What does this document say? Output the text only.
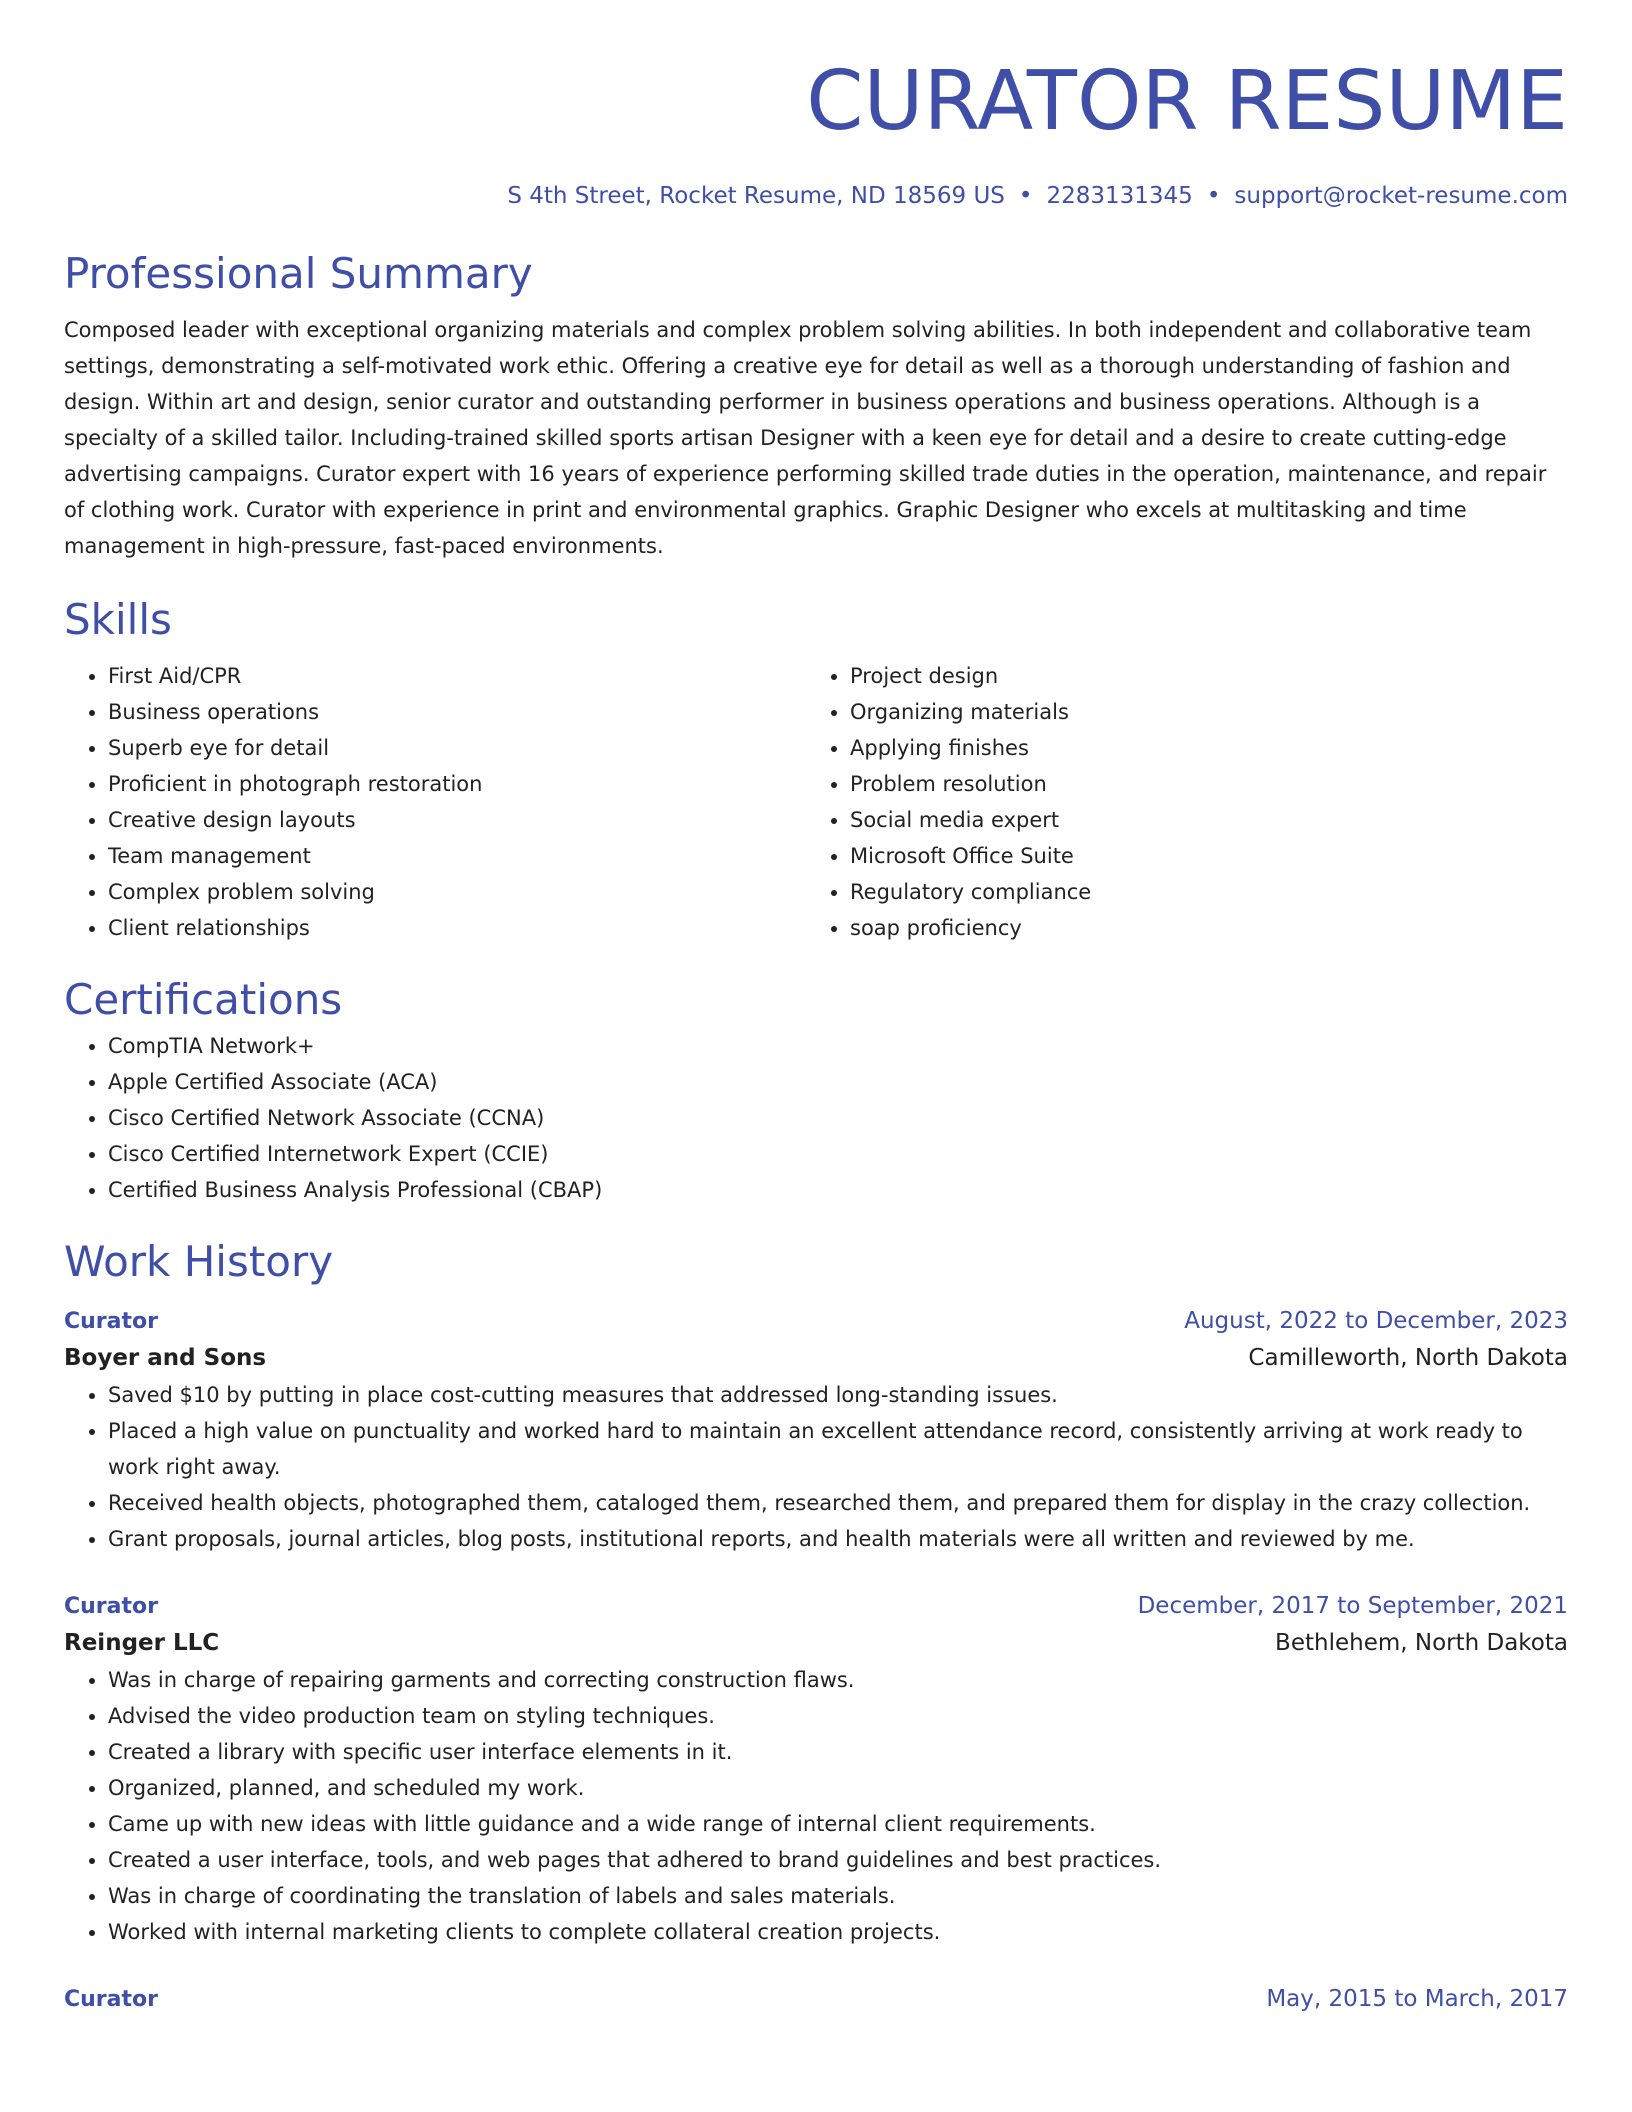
CURATOR RESUME
S 4th Street, Rocket Resume, ND 18569 US • 2283131345 • support@rocket-resume.com
Professional Summary

Composed leader with exceptional organizing materials and complex problem solving abilities. In both independent and collaborative team settings, demonstrating a self-motivated work ethic. Offering a creative eye for detail as well as a thorough understanding of fashion and design. Within art and design, senior curator and outstanding performer in business operations and business operations. Although is a specialty of a skilled tailor. Including-trained skilled sports artisan Designer with a keen eye for detail and a desire to create cutting-edge advertising campaigns. Curator expert with 16 years of experience performing skilled trade duties in the operation, maintenance, and repair of clothing work. Curator with experience in print and environmental graphics. Graphic Designer who excels at multitasking and time management in high-pressure, fast-paced environments.

Skills
• First Aid/CPR
• Business operations
• Superb eye for detail
• Proficient in photograph restoration
• Creative design layouts
• Team management
• Complex problem solving
• Client relationships
• Project design
• Organizing materials
• Applying finishes
• Problem resolution
• Social media expert
• Microsoft Office Suite
• Regulatory compliance
• soap proficiency
Certifications
• CompTIA Network+
• Apple Certified Associate (ACA)
• Cisco Certified Network Associate (CCNA)
• Cisco Certified Internetwork Expert (CCIE)
• Certified Business Analysis Professional (CBAP)
Work History
Curator	August, 2022 to December, 2023
Boyer and Sons	Camilleworth, North Dakota
• Saved $10 by putting in place cost-cutting measures that addressed long-standing issues.
• Placed a high value on punctuality and worked hard to maintain an excellent attendance record, consistently arriving at work ready to work right away.
• Received health objects, photographed them, cataloged them, researched them, and prepared them for display in the crazy collection.
• Grant proposals, journal articles, blog posts, institutional reports, and health materials were all written and reviewed by me.
Curator	December, 2017 to September, 2021
Reinger LLC	Bethlehem, North Dakota
• Was in charge of repairing garments and correcting construction flaws.
• Advised the video production team on styling techniques.
• Created a library with specific user interface elements in it.
• Organized, planned, and scheduled my work.
• Came up with new ideas with little guidance and a wide range of internal client requirements.
• Created a user interface, tools, and web pages that adhered to brand guidelines and best practices.
• Was in charge of coordinating the translation of labels and sales materials.
• Worked with internal marketing clients to complete collateral creation projects.
Curator	May, 2015 to March, 2017
